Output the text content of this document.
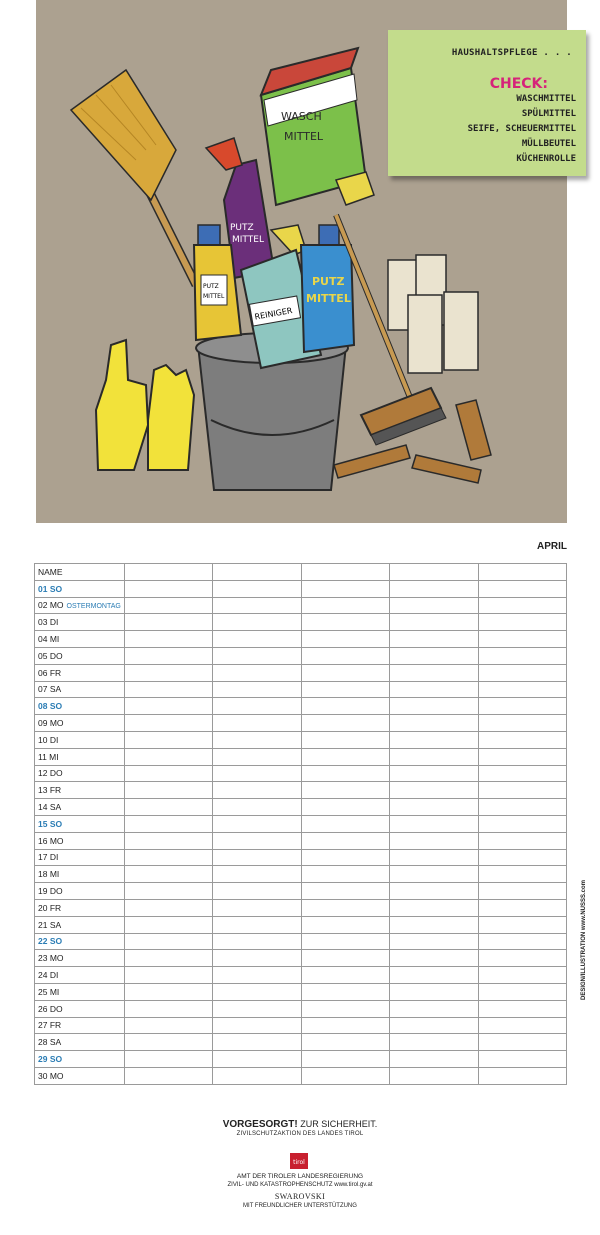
WASCH
MITTEL
PUTZ
MITTEL
PUTZ
MITTEL
REINIGER
PUTZ
MITTEL
HAUSHALTSPFLEGE . . .
CHECK:
WASCHMITTEL
SPÜLMITTEL
SEIFE, SCHEUERMITTEL
MÜLLBEUTEL
KÜCHENROLLE
APRIL
DESIGN/ILLUSTRATION www.NUSSS.com
NAME					
01 SO					
02 MO OSTERMONTAG					
03 DI					
04 MI					
05 DO					
06 FR					
07 SA					
08 SO					
09 MO					
10 DI					
11 MI					
12 DO					
13 FR					
14 SA					
15 SO					
16 MO					
17 DI					
18 MI					
19 DO					
20 FR					
21 SA					
22 SO					
23 MO					
24 DI					
25 MI					
26 DO					
27 FR					
28 SA					
29 SO					
30 MO					
VORGESORGT! ZUR SICHERHEIT.
ZIVILSCHUTZAKTION DES LANDES TIROL
tirol
AMT DER TIROLER LANDESREGIERUNG
ZIVIL- UND KATASTROPHENSCHUTZ www.tirol.gv.at
SWAROVSKI
MIT FREUNDLICHER UNTERSTÜTZUNG
